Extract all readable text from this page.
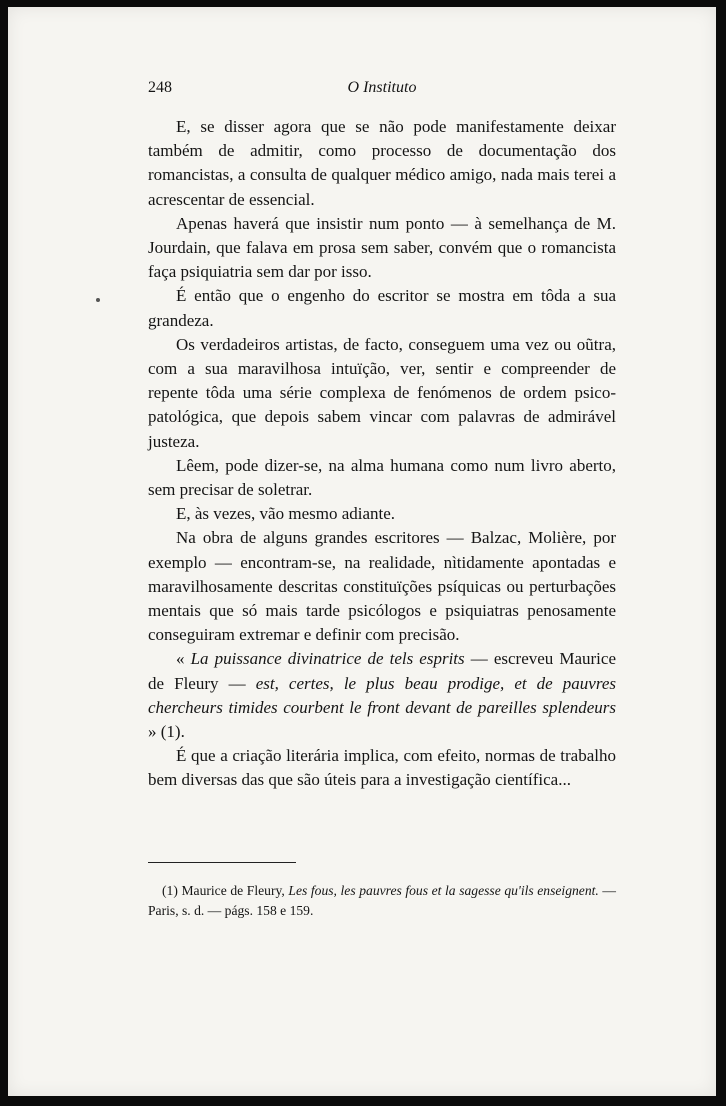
248	O Instituto

E, se disser agora que se não pode manifestamente deixar também de admitir, como processo de documentação dos romancistas, a consulta de qualquer médico amigo, nada mais terei a acrescentar de essencial.

Apenas haverá que insistir num ponto — à semelhança de M. Jourdain, que falava em prosa sem saber, convém que o romancista faça psiquiatria sem dar por isso.

É então que o engenho do escritor se mostra em tôda a sua grandeza.

Os verdadeiros artistas, de facto, conseguem uma vez ou oũtra, com a sua maravilhosa intuïção, ver, sentir e compreender de repente tôda uma série complexa de fenómenos de ordem psico-patológica, que depois sabem vincar com palavras de admirável justeza.

Lêem, pode dizer-se, na alma humana como num livro aberto, sem precisar de soletrar.

E, às vezes, vão mesmo adiante.

Na obra de alguns grandes escritores — Balzac, Molière, por exemplo — encontram-se, na realidade, nìtidamente apontadas e maravilhosamente descritas constituïções psíquicas ou perturbações mentais que só mais tarde psicólogos e psiquiatras penosamente conseguiram extremar e definir com precisão.

« La puissance divinatrice de tels esprits — escreveu Maurice de Fleury — est, certes, le plus beau prodige, et de pauvres chercheurs timides courbent le front devant de pareilles splendeurs » (1).

É que a criação literária implica, com efeito, normas de trabalho bem diversas das que são úteis para a investigação científica...

(1) Maurice de Fleury, Les fous, les pauvres fous et la sagesse qu'ils enseignent. — Paris, s. d. — págs. 158 e 159.
